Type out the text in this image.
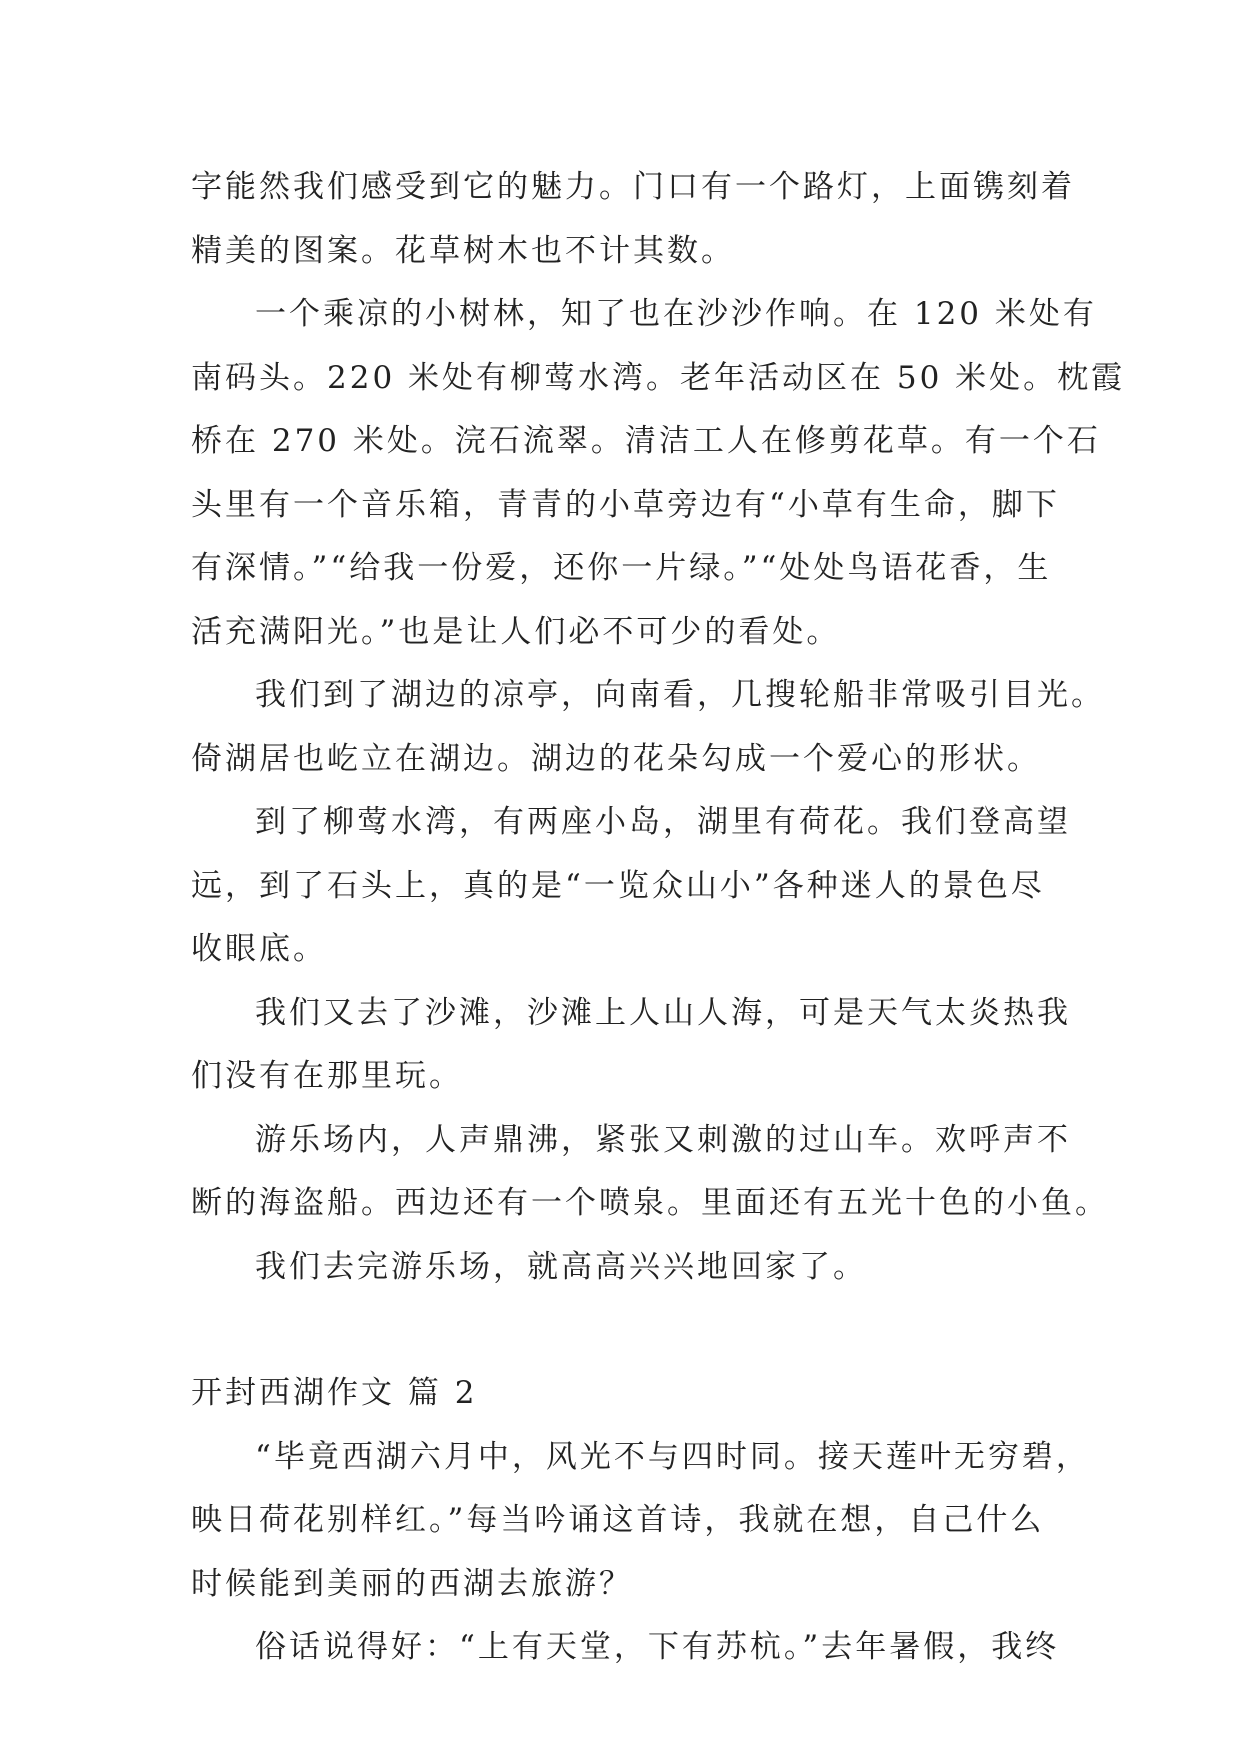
字能然我们感受到它的魅力。门口有一个路灯，上面镌刻着
精美的图案。花草树木也不计其数。
一个乘凉的小树林，知了也在沙沙作响。在 120 米处有
南码头。220 米处有柳莺水湾。老年活动区在 50 米处。枕霞
桥在 270 米处。浣石流翠。清洁工人在修剪花草。有一个石
头里有一个音乐箱，青青的小草旁边有“小草有生命，脚下
有深情。”“给我一份爱，还你一片绿。”“处处鸟语花香，生
活充满阳光。”也是让人们必不可少的看处。
我们到了湖边的凉亭，向南看，几搜轮船非常吸引目光。
倚湖居也屹立在湖边。湖边的花朵勾成一个爱心的形状。
到了柳莺水湾，有两座小岛，湖里有荷花。我们登高望
远，到了石头上，真的是“一览众山小”各种迷人的景色尽
收眼底。
我们又去了沙滩，沙滩上人山人海，可是天气太炎热我
们没有在那里玩。
游乐场内，人声鼎沸，紧张又刺激的过山车。欢呼声不
断的海盗船。西边还有一个喷泉。里面还有五光十色的小鱼。
我们去完游乐场，就高高兴兴地回家了。
开封西湖作文 篇 2
“毕竟西湖六月中，风光不与四时同。接天莲叶无穷碧，
映日荷花别样红。”每当吟诵这首诗，我就在想，自己什么
时候能到美丽的西湖去旅游？
俗话说得好：“上有天堂，下有苏杭。”去年暑假，我终
